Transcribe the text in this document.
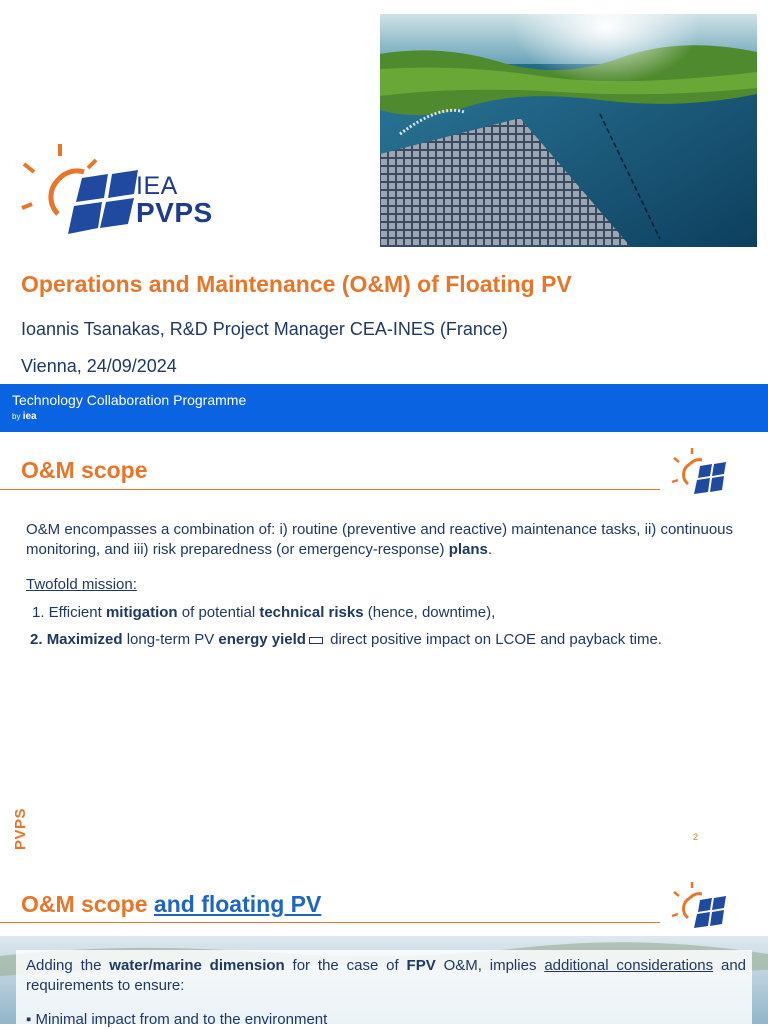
IEA
PVPS
Operations and Maintenance (O&M) of Floating PV
Ioannis Tsanakas, R&D Project Manager CEA-INES (France)
Vienna, 24/09/2024
Technology Collaboration Programme
by iea
O&M scope
O&M encompasses a combination of: i) routine (preventive and reactive) maintenance tasks, ii) continuous monitoring, and iii) risk preparedness (or emergency-response) plans.
Twofold mission:
1. Efficient mitigation of potential technical risks (hence, downtime),
2. Maximized long-term PV energy yield direct positive impact on LCOE and payback time.
PVPS	2
O&M scope and floating PV
Adding the water/marine dimension for the case of FPV O&M, implies additional considerations and requirements to ensure:
▪ Minimal impact from and to the environment
